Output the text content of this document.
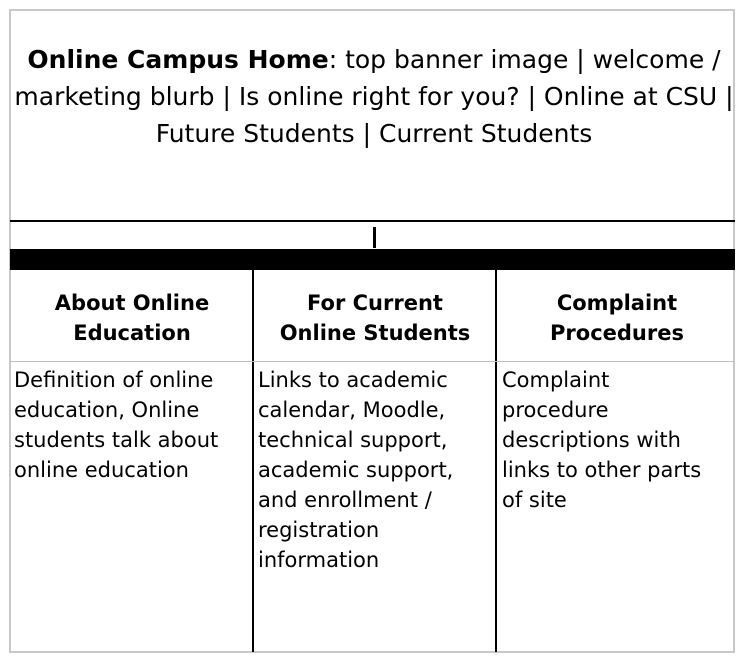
Online Campus Home: top banner image | welcome / marketing blurb | Is online right for you? | Online at CSU | Future Students | Current Students
About Online
Education
Definition of online
education, Online
students talk about
online education
For Current
Online Students
Links to academic
calendar, Moodle,
technical support,
academic support,
and enrollment /
registration
information
Complaint
Procedures
Complaint
procedure
descriptions with
links to other parts
of site
